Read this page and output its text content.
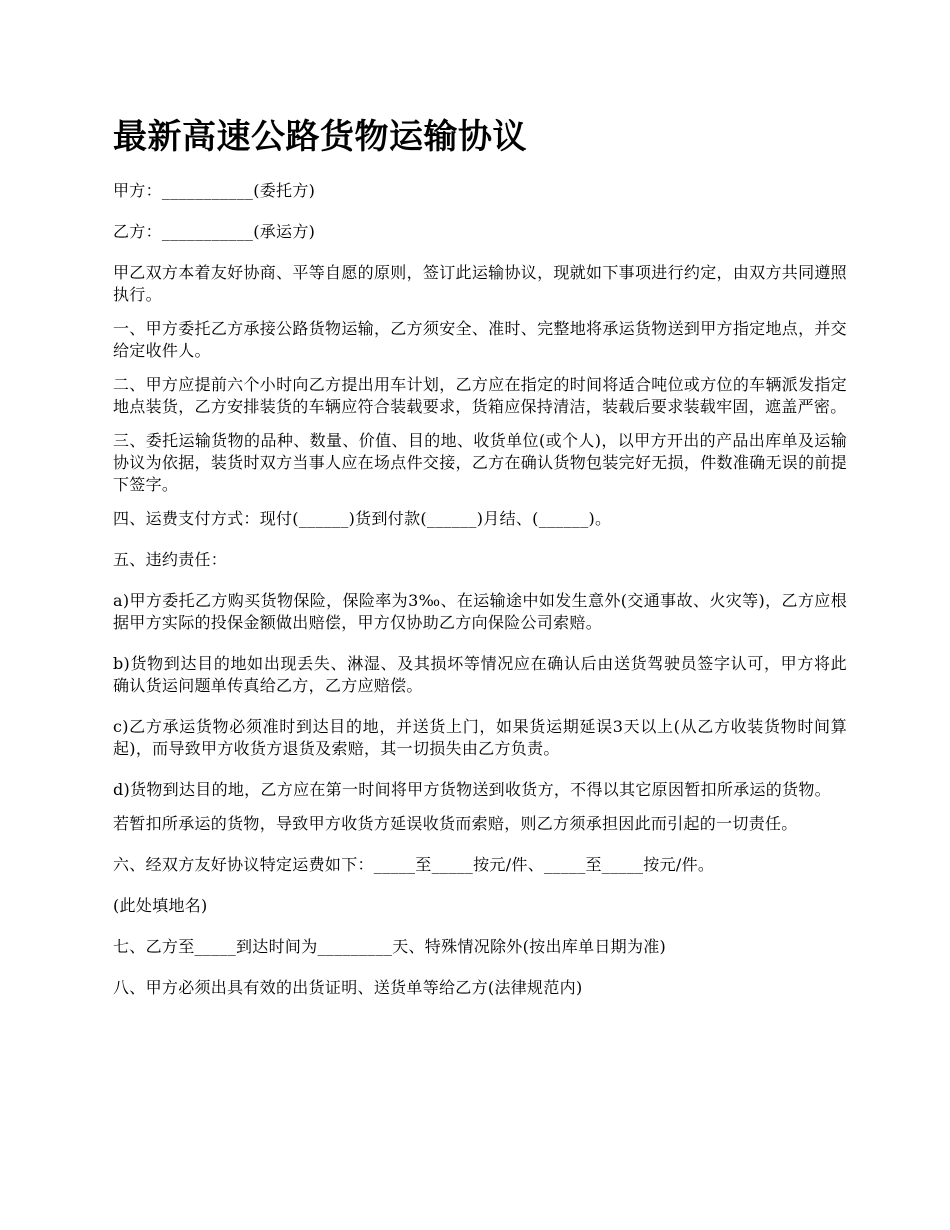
最新高速公路货物运输协议

甲方：___________(委托方)

乙方：___________(承运方)

甲乙双方本着友好协商、平等自愿的原则，签订此运输协议，现就如下事项进行约定，由双方共同遵照执行。

一、甲方委托乙方承接公路货物运输，乙方须安全、准时、完整地将承运货物送到甲方指定地点，并交给定收件人。

二、甲方应提前六个小时向乙方提出用车计划，乙方应在指定的时间将适合吨位或方位的车辆派发指定地点装货，乙方安排装货的车辆应符合装载要求，货箱应保持清洁，装载后要求装载牢固，遮盖严密。

三、委托运输货物的品种、数量、价值、目的地、收货单位(或个人)，以甲方开出的产品出库单及运输协议为依据，装货时双方当事人应在场点件交接，乙方在确认货物包装完好无损，件数准确无误的前提下签字。

四、运费支付方式：现付(______)货到付款(______)月结、(______)。

五、违约责任：

a)甲方委托乙方购买货物保险，保险率为3‰、在运输途中如发生意外(交通事故、火灾等)，乙方应根据甲方实际的投保金额做出赔偿，甲方仅协助乙方向保险公司索赔。

b)货物到达目的地如出现丢失、淋湿、及其损坏等情况应在确认后由送货驾驶员签字认可，甲方将此确认货运问题单传真给乙方，乙方应赔偿。

c)乙方承运货物必须准时到达目的地，并送货上门，如果货运期延误3天以上(从乙方收装货物时间算起)，而导致甲方收货方退货及索赔，其一切损失由乙方负责。

d)货物到达目的地，乙方应在第一时间将甲方货物送到收货方，不得以其它原因暂扣所承运的货物。

若暂扣所承运的货物，导致甲方收货方延误收货而索赔，则乙方须承担因此而引起的一切责任。

六、经双方友好协议特定运费如下：_____至_____按元/件、_____至_____按元/件。

(此处填地名)

七、乙方至_____到达时间为_________天、特殊情况除外(按出库单日期为准)

八、甲方必须出具有效的出货证明、送货单等给乙方(法律规范内)
